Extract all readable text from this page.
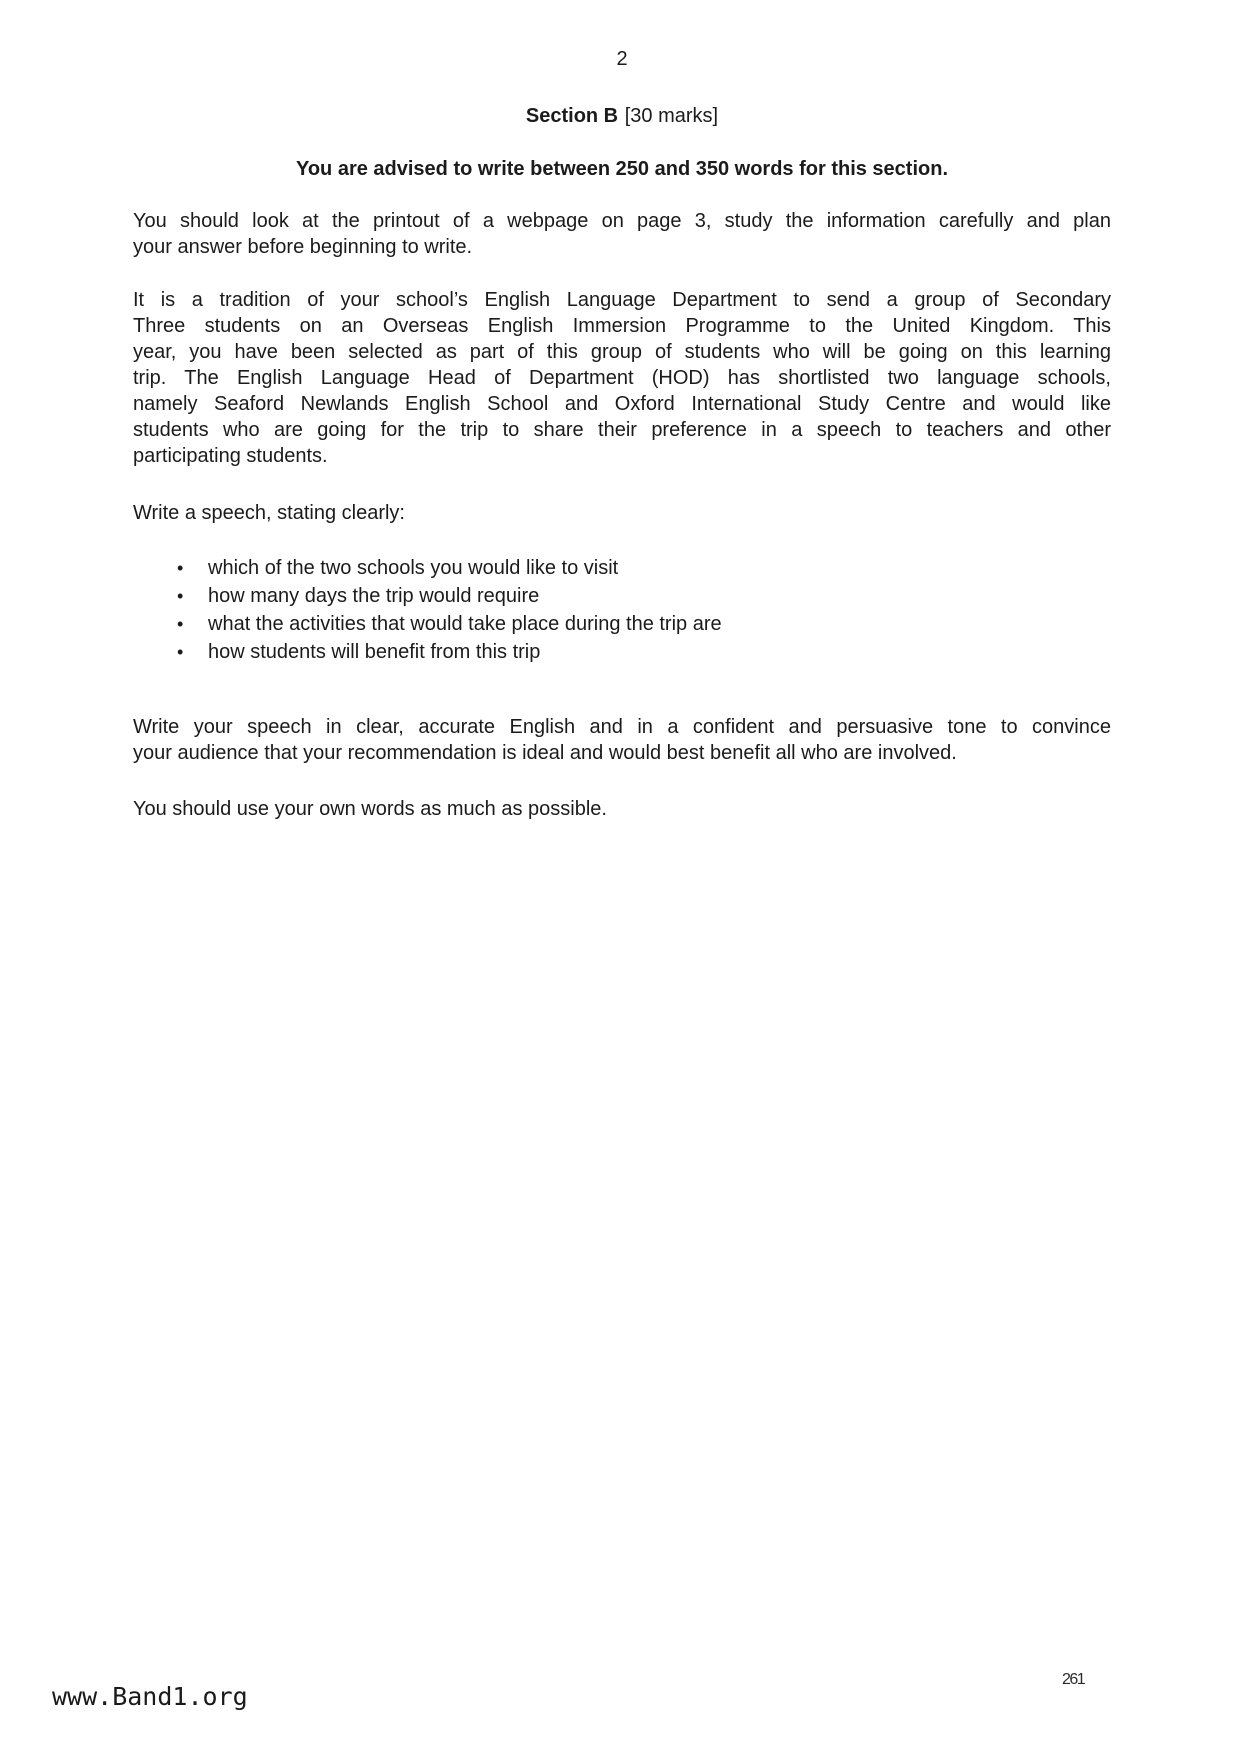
2
Section B [30 marks]
You are advised to write between 250 and 350 words for this section.
You should look at the printout of a webpage on page 3, study the information carefully and plan
your answer before beginning to write.
It is a tradition of your school’s English Language Department to send a group of Secondary
Three students on an Overseas English Immersion Programme to the United Kingdom. This
year, you have been selected as part of this group of students who will be going on this learning
trip. The English Language Head of Department (HOD) has shortlisted two language schools,
namely Seaford Newlands English School and Oxford International Study Centre and would like
students who are going for the trip to share their preference in a speech to teachers and other
participating students.
Write a speech, stating clearly:
• which of the two schools you would like to visit
• how many days the trip would require
• what the activities that would take place during the trip are
• how students will benefit from this trip
Write your speech in clear, accurate English and in a confident and persuasive tone to convince
your audience that your recommendation is ideal and would best benefit all who are involved.
You should use your own words as much as possible.
www.Band1.org
261
